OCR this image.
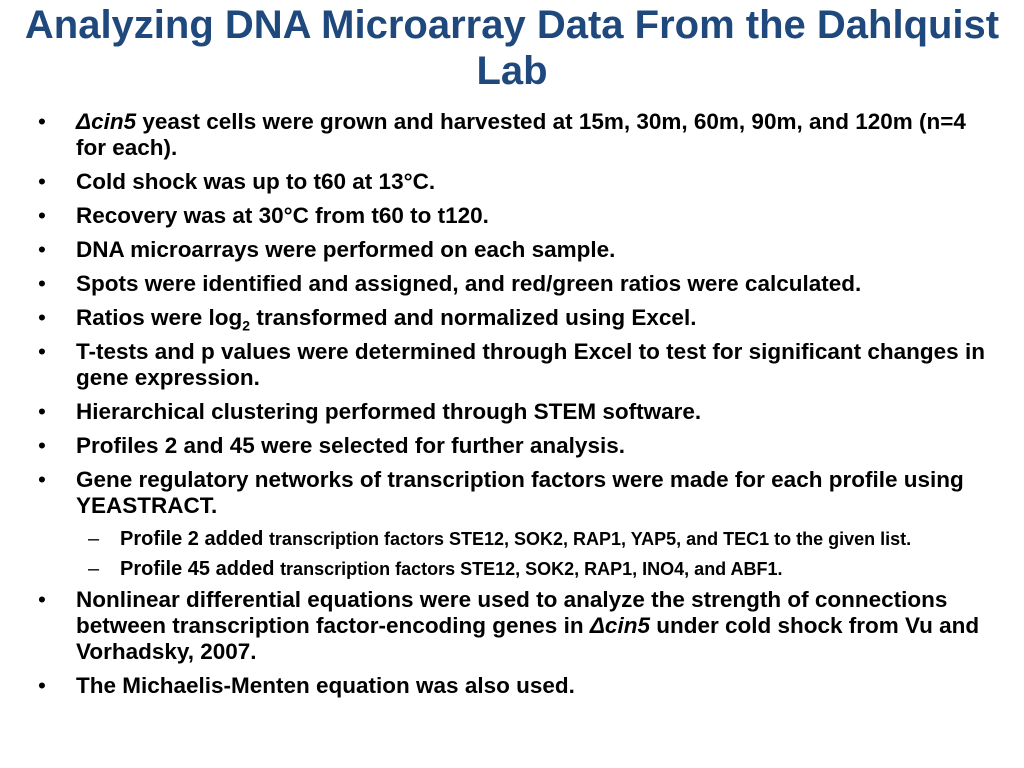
Analyzing DNA Microarray Data From the Dahlquist Lab
• Δcin5 yeast cells were grown and harvested at 15m, 30m, 60m, 90m, and 120m (n=4 for each).
• Cold shock was up to t60 at 13°C.
• Recovery was at 30°C from t60 to t120.
• DNA microarrays were performed on each sample.
• Spots were identified and assigned, and red/green ratios were calculated.
• Ratios were $\log_2$ transformed and normalized using Excel.
• T-tests and p values were determined through Excel to test for significant changes in gene expression.
• Hierarchical clustering performed through STEM software.
• Profiles 2 and 45 were selected for further analysis.
• Gene regulatory networks of transcription factors were made for each profile using YEASTRACT.
– Profile 2 added transcription factors STE12, SOK2, RAP1, YAP5, and TEC1 to the given list.
– Profile 45 added transcription factors STE12, SOK2, RAP1, INO4, and ABF1.
• Nonlinear differential equations were used to analyze the strength of connections between transcription factor-encoding genes in Δcin5 under cold shock from Vu and Vorhadsky, 2007.
• The Michaelis-Menten equation was also used.
